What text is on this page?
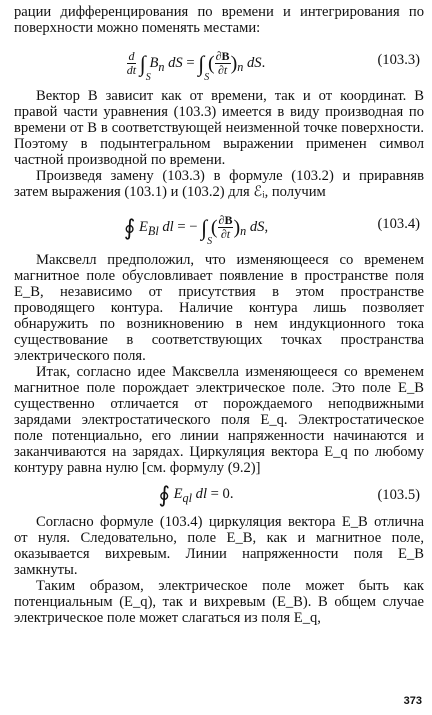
рации дифференцирования по времени и интегрирования по поверхности можно поменять местами:

$\frac{d}{dt}$ ∫
S
$B_n$ dS = ∫
S
( $\frac{\partial B}{\partial t} )_n$ dS.	(103.3)

Вектор B зависит как от времени, так и от координат. В правой части уравнения (103.3) имеется в виду производная по времени от B в соответствующей неизменной точке поверхности. Поэтому в подынтегральном выражении применен символ частной производной по времени.

Произведя замену (103.3) в формуле (103.2) и приравняв затем выражения (103.1) и (103.2) для ℰᵢ, получим

∮ $E_{Bl}$ dl = − ∫
S
( $\frac{\partial B}{\partial t} )_n$ dS,	(103.4)

Максвелл предположил, что изменяющееся со временем магнитное поле обусловливает появление в пространстве поля E_B, независимо от присутствия в этом пространстве проводящего контура. Наличие контура лишь позволяет обнаружить по возникновению в нем индукционного тока существование в соответствующих точках пространства электрического поля.

Итак, согласно идее Максвелла изменяющееся со временем магнитное поле порождает электрическое поле. Это поле E_B существенно отличается от порождаемого неподвижными зарядами электростатического поля E_q. Электростатическое поле потенциально, его линии напряженности начинаются и заканчиваются на зарядах. Циркуляция вектора E_q по любому контуру равна нулю [см. формулу (9.2)]

∮ $E_{ql}$ dl = 0.	(103.5)

Согласно формуле (103.4) циркуляция вектора E_B отлична от нуля. Следовательно, поле E_B, как и магнитное поле, оказывается вихревым. Линии напряженности поля E_B замкнуты.

Таким образом, электрическое поле может быть как потенциальным (E_q), так и вихревым (E_B). В общем случае электрическое поле может слагаться из поля E_q,

373
